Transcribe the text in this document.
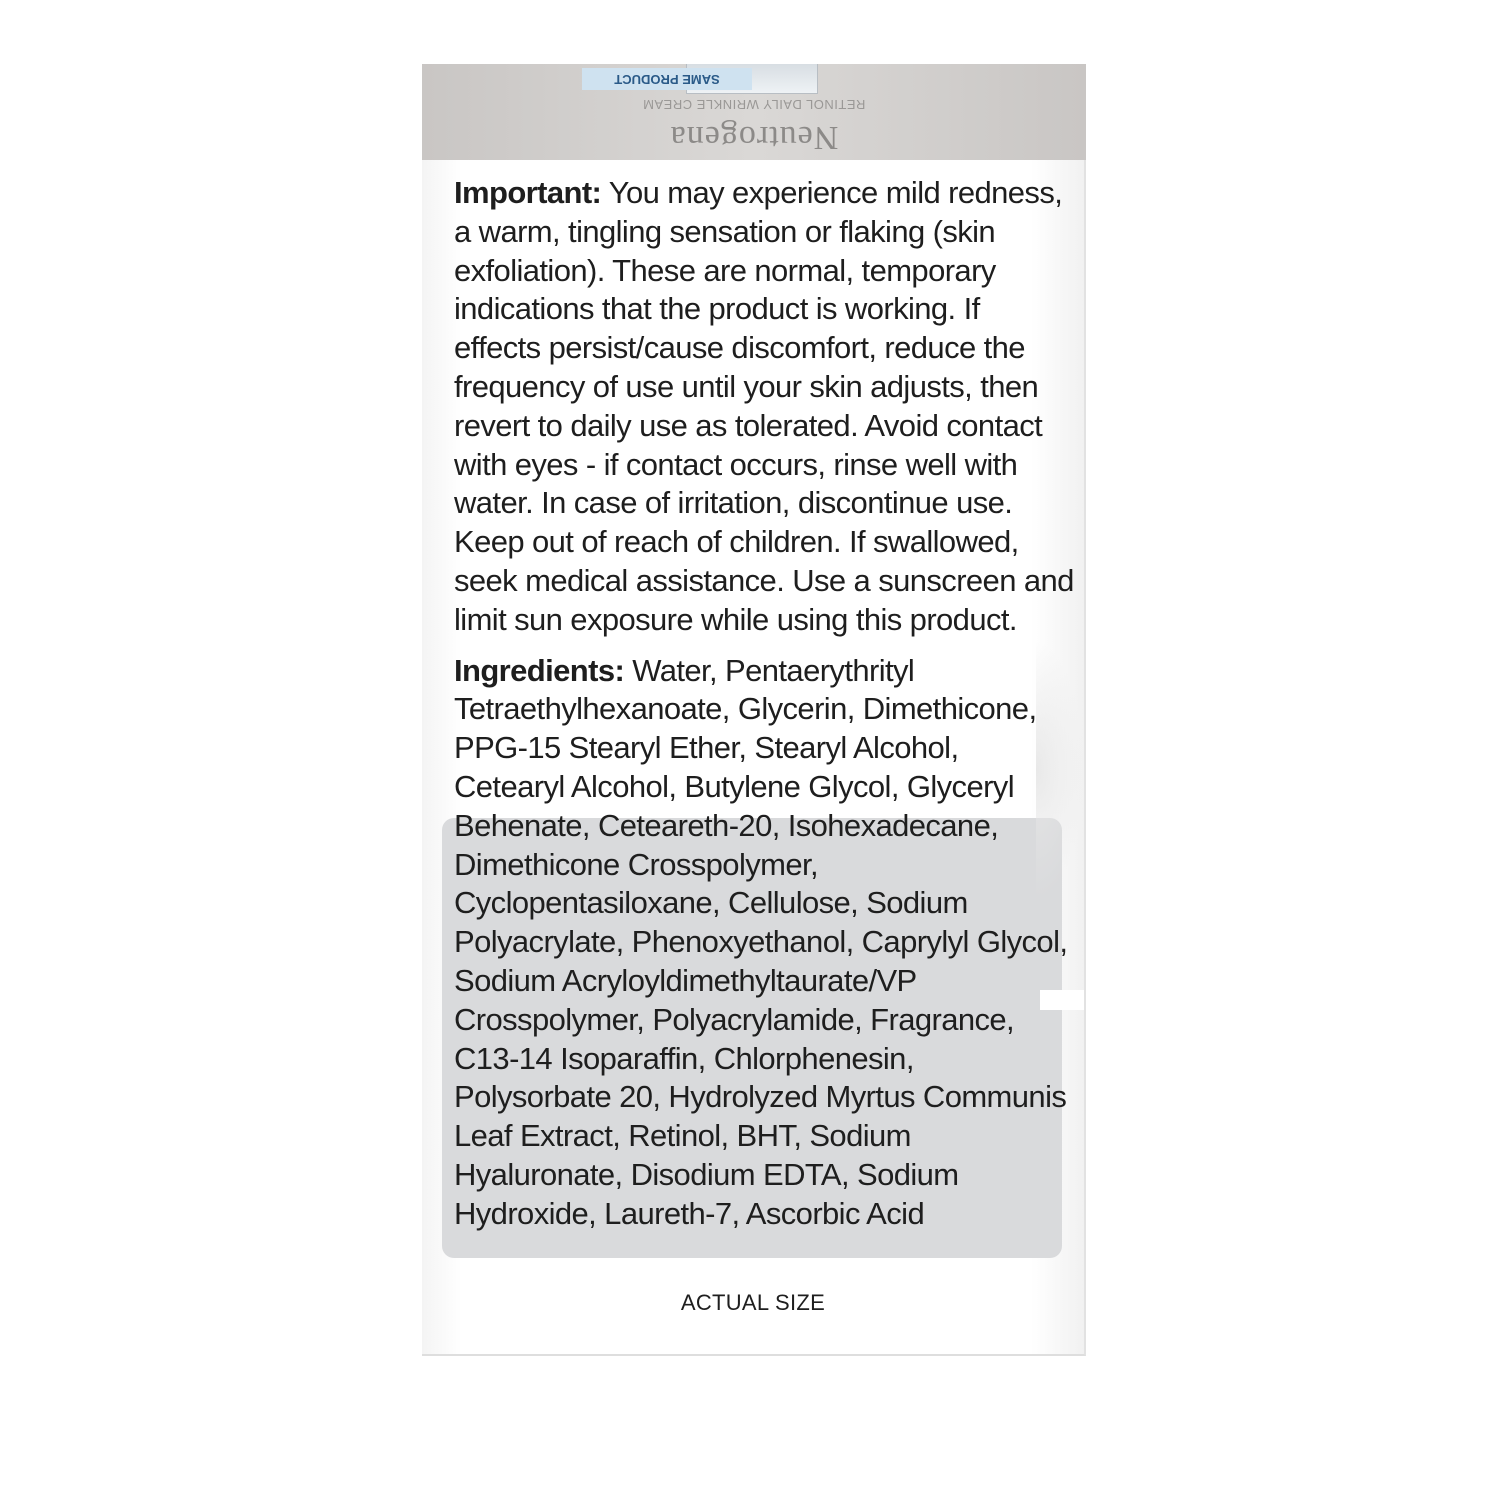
Neutrogena
RETINOL DAILY WRINKLE CREAM
SAME PRODUCT

Important: You may experience mild redness, a warm, tingling sensation or flaking (skin exfoliation). These are normal, temporary indications that the product is working. If effects persist/cause discomfort, reduce the frequency of use until your skin adjusts, then revert to daily use as tolerated. Avoid contact with eyes - if contact occurs, rinse well with water. In case of irritation, discontinue use. Keep out of reach of children. If swallowed, seek medical assistance. Use a sunscreen and limit sun exposure while using this product.

Ingredients: Water, Pentaerythrityl Tetraethylhexanoate, Glycerin, Dimethicone, PPG-15 Stearyl Ether, Stearyl Alcohol, Cetearyl Alcohol, Butylene Glycol, Glyceryl Behenate, Ceteareth-20, Isohexadecane, Dimethicone Crosspolymer, Cyclopentasiloxane, Cellulose, Sodium Polyacrylate, Phenoxyethanol, Caprylyl Glycol, Sodium Acryloyldimethyltaurate/VP Crosspolymer, Polyacrylamide, Fragrance, C13-14 Isoparaffin, Chlorphenesin, Polysorbate 20, Hydrolyzed Myrtus Communis Leaf Extract, Retinol, BHT, Sodium Hyaluronate, Disodium EDTA, Sodium Hydroxide, Laureth-7, Ascorbic Acid

ACTUAL SIZE
